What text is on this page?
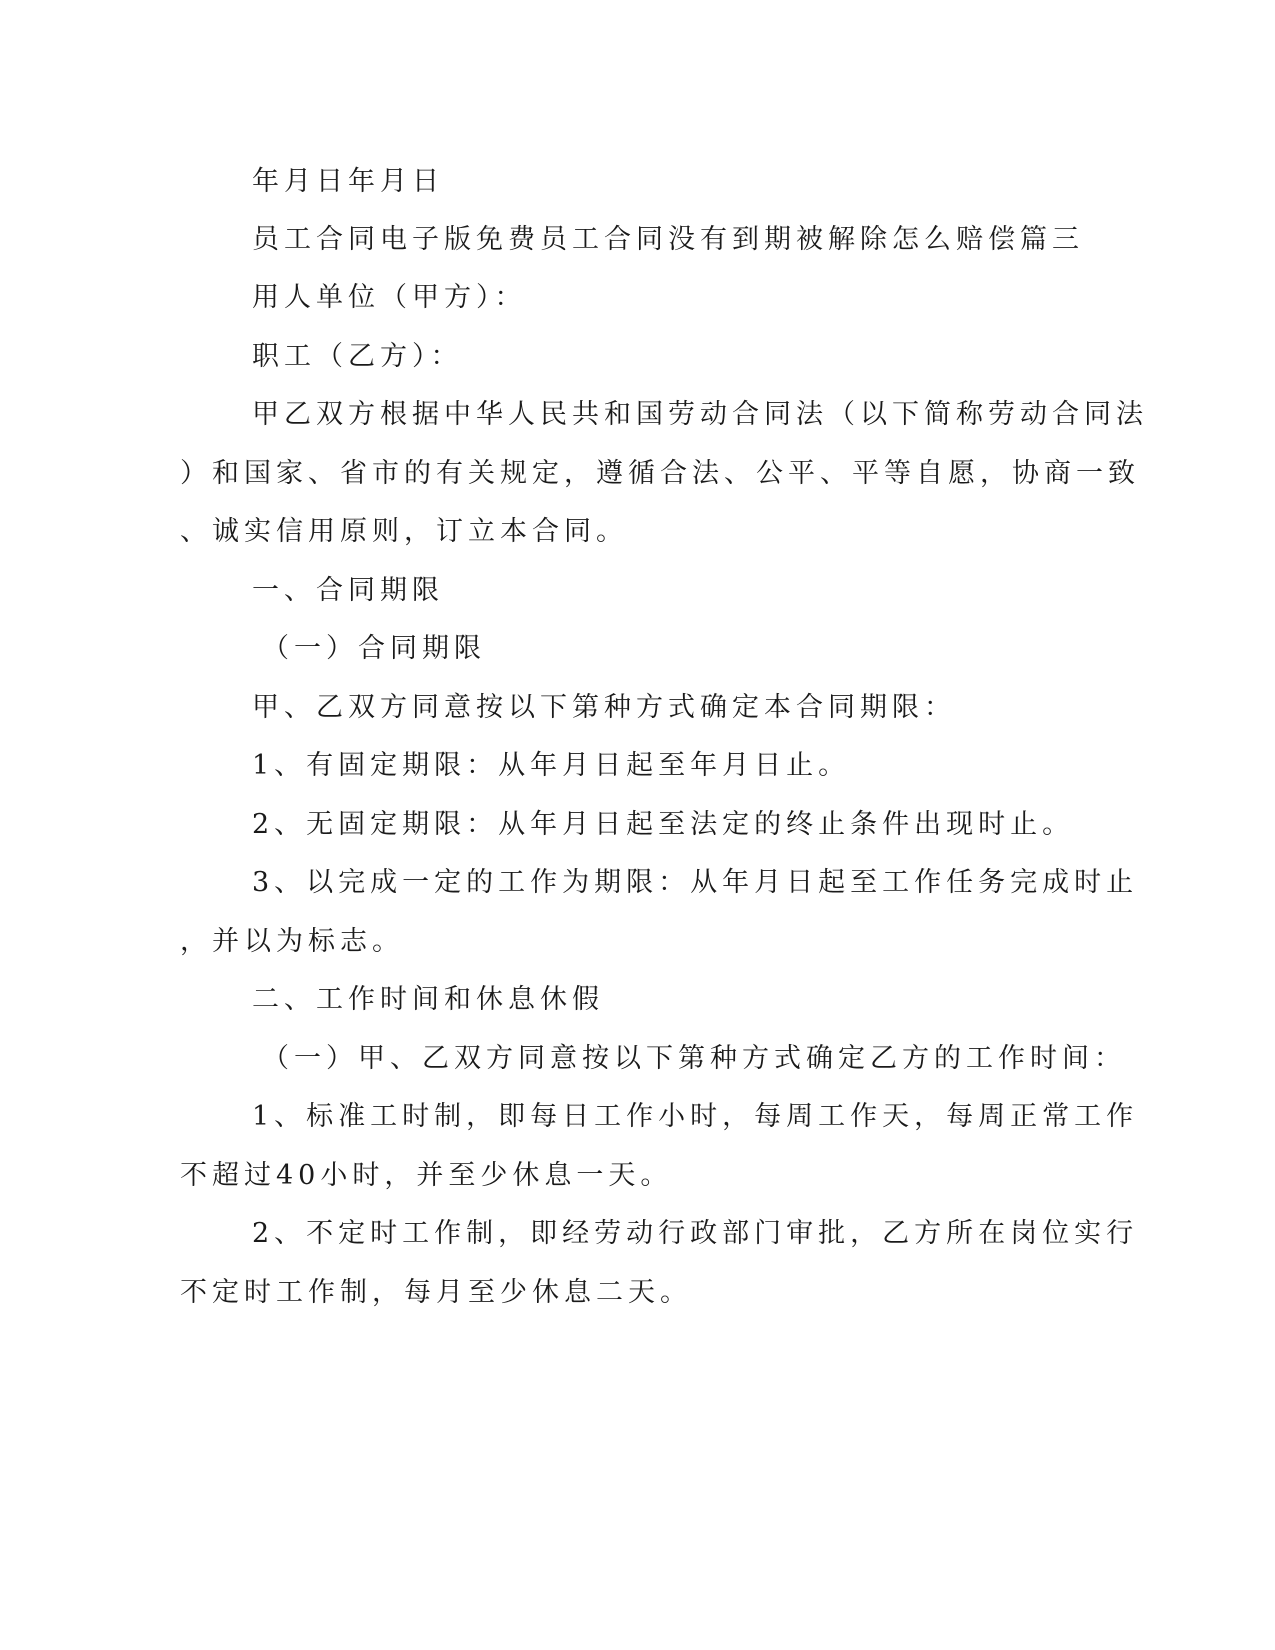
年月日年月日
员工合同电子版免费员工合同没有到期被解除怎么赔偿篇三
用人单位（甲方）：
职工（乙方）：
甲乙双方根据中华人民共和国劳动合同法（以下简称劳动合同法
）和国家、省市的有关规定，遵循合法、公平、平等自愿，协商一致
、诚实信用原则，订立本合同。
一、合同期限
（一）合同期限
甲、乙双方同意按以下第种方式确定本合同期限：
1、有固定期限：从年月日起至年月日止。
2、无固定期限：从年月日起至法定的终止条件出现时止。
3、以完成一定的工作为期限：从年月日起至工作任务完成时止
，并以为标志。
二、工作时间和休息休假
（一）甲、乙双方同意按以下第种方式确定乙方的工作时间：
1、标准工时制，即每日工作小时，每周工作天，每周正常工作
不超过40小时，并至少休息一天。
2、不定时工作制，即经劳动行政部门审批，乙方所在岗位实行
不定时工作制，每月至少休息二天。
